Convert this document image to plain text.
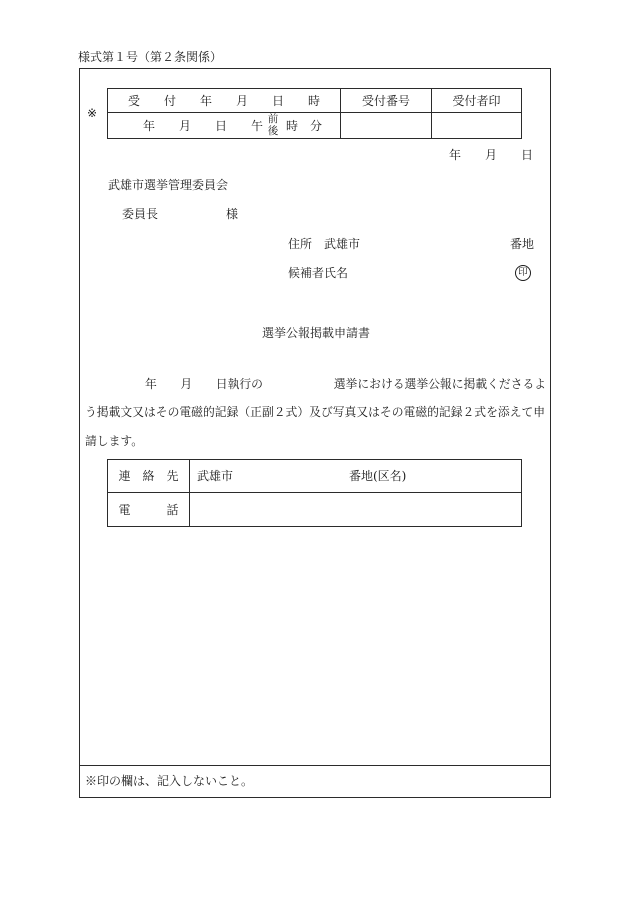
様式第１号（第２条関係）
※
受　　付　　年　　月　　日　　時	受付番号	受付者印
年　　月　　日　　午 前
後 時　分
年　　月　　日
武雄市選挙管理委員会
委員長	様
住所 武雄市	番地
候補者氏名	印
選挙公報掲載申請書
年　　月　　日執行の　　　　　　選挙における選挙公報に掲載くださるよ
う掲載文又はその電磁的記録（正副２式）及び写真又はその電磁的記録２式を添えて申
請します。
連　絡　先 武雄市	番地(区名)
電　　　話
※印の欄は、記入しないこと。
